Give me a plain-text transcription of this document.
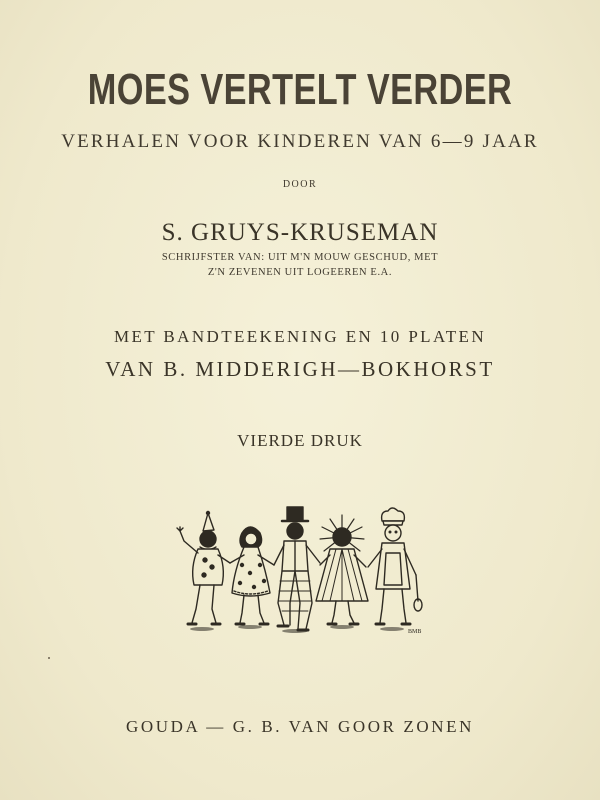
MOES VERTELT VERDER
VERHALEN VOOR KINDEREN VAN 6—9 JAAR
DOOR
S. GRUYS-KRUSEMAN
SCHRIJFSTER VAN: UIT M'N MOUW GESCHUD, MET
Z'N ZEVENEN UIT LOGEEREN E.A.
MET BANDTEEKENING EN 10 PLATEN
VAN B. MIDDERIGH—BOKHORST
VIERDE DRUK
BMB
GOUDA — G. B. VAN GOOR ZONEN
